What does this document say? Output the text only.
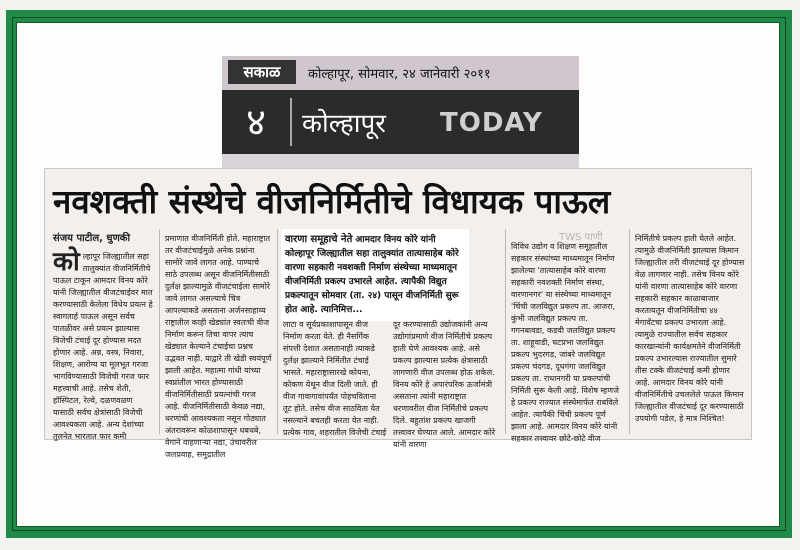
सकाळ	कोल्हापूर, सोमवार, २४ जानेवारी २०११
४	कोल्हापूर TODAY
नवशक्ती संस्थेचे वीजनिर्मितीचे विधायक पाऊल
संजय पाटील, धुणकी
को ल्हापूर जिल्ह्यातील सहा तालुक्यांत वीजनिर्मितीचे पाऊल टाकून आमदार विनय कोरे यांनी जिल्ह्यातील वीजटंचाईवर मात करण्यासाठी केलेला विधेय प्रयत्न हे स्वागतार्ह पाऊल असून सर्वच पातळीवर असे प्रयत्न झाल्यास विजेची टंचाई दूर होण्यास मदत होणार आहे. अन्न, वस्त्र, निवारा, शिक्षण, आरोग्य या मूलभूत गरजा भागविण्यासाठी विजेची गरज फार महत्त्वाची आहे. तसेच शेती, हॉस्पिटल, रेल्वे, दळणवळण यासाठी सर्वच क्षेत्रांसाठी विजेची आवश्यकता आहे. अन्य देशांच्या तुलनेत भारतात फार कमी
प्रमाणात वीजनिर्मिती होते. महाराष्ट्रात तर वीजटंचाईमुळे अनेक प्रश्नांना सामोरे जावे लागत आहे. पाण्याचे साठे उपलब्ध असून वीजनिर्मितीसाठी दुर्लक्ष झाल्यामुळे वीजटंचाईला सामोरे जावे लागत असल्याचे चित्र आपल्याकडे असताना अर्जनसाहाय्य राष्ट्रातील काही खेड्यांत स्वतःची वीज निर्माण करून तिचा वापर त्याच खेड्यात केल्याने टंचाईचा प्रश्नच उद्भवत नाही. याद्वारे ती खेडी स्वयंपूर्ण झाली आहेत. महात्मा गांधी यांच्या स्वप्नांतील भारत होण्यासाठी वीजनिर्मितीसाठी प्रयत्नांची गरज आहे. वीजनिर्मितीसाठी केवळ नद्या, धरणांची आवश्यकता नसून गोठ्यात अंतरावरून कोळशापासून धबधबे, वेगाने वाहणाऱ्या नद्या, उंचावरील जलप्रवाह, समुद्रातील
वारणा समूहाचे नेते आमदार विनय कोरे यांनी कोल्हापूर जिल्ह्यातील सहा तालुक्यांत तात्यासाहेब कोरे वारणा सहकारी नवशक्ती निर्माण संस्थेच्या माध्यमातून वीजनिर्मिती प्रकल्प उभारले आहेत. त्यापैकी विद्युत प्रकल्पातून सोमवार (ता. २४) पासून वीजनिर्मिती सुरू होत आहे. त्यानिमित्त...
लाटा व सूर्यप्रकाशापासून वीज निर्माण करता येते. ही नैसर्गिक संपत्ती देशात असतानाही त्याकडे दुर्लक्ष झाल्याने निर्मितीत टंचाई भासते. महाराष्ट्रासारखे कोयना, कोकण येथून वीज दिली जाते. ही वीज गावागावांपर्यंत पोहचविताना तूट होते. तसेच वीज साठविता येत नसल्याने बचतही करता येत नाही. प्रत्येक गाव, शहरातील विजेची टंचाई
दूर करण्यासाठी उद्योजकांनी अन्य उद्योगांप्रमाणे वीज निर्मितीचे प्रकल्प हाती घेणे आवश्यक आहे. असे प्रकल्प झाल्यास प्रत्येक क्षेत्रासाठी लागणारी वीज उपलब्ध होऊ शकेल. विनय कोरे हे अपारंपरिक ऊर्जामंत्री असताना त्यांनी महाराष्ट्रात धरणावरील वीज निर्मितीचे प्रकल्प दिले. बहुतांश प्रकल्प खाजगी तत्त्वावर घेण्यात आले. आमदार कोरे यांनी वारणा
TWS पाणी
विविध उद्योग व शिक्षण समूहातील सहकार संस्थांच्या माध्यमातून निर्माण झालेल्या 'तात्यासाहेब कोरे वारणा सहकारी नवशक्ती निर्माण संस्था, वारणानगर' या संस्थेच्या माध्यमातून 'चिंची जलविद्युत प्रकल्प ता. आजरा, कुंभी जलविद्युत प्रकल्प ता. गगनबावडा, कडवी जलविद्युत प्रकल्प ता. शाहूवाडी, घटप्रभा जलविद्युत प्रकल्प भुदरगड, जांबरे जलविद्युत प्रकल्प चंदगड, दूधगंगा जलविद्युत प्रकल्प ता. राधानगरी या प्रकल्पांची निर्मिती सुरू केली आहे. विशेष म्हणजे हे प्रकल्प राज्यात संस्थेमार्फत राबविले आहेत. त्यापैकी चिंची प्रकल्प पूर्ण झाला आहे. आमदार विनय कोरे यांनी सहकार तत्त्वावर छोटे-छोटे वीज
निर्मितीचे प्रकल्प हाती घेतले आहेत. त्यामुळे वीजनिर्मिती झाल्यास किमान जिल्ह्यातील तरी वीजटंचाई दूर होण्यास वेळ लागणार नाही. तसेच विनय कोरे यांनी वारणा तात्यासाहेब कोरे वारणा सहकारी सहकार काळाबाजार करतायतून वीजनिर्मितीचा ४४ मेगावॅटचा प्रकल्प उभारला आहे. त्यामुळे राज्यातील सर्वच सहकार कारखान्यांनी कार्यक्षमतेने वीजनिर्मिती प्रकल्प उभारल्यास राज्यातील सुमारे तीस टक्के वीजटंचाई कमी होणार आहे. आमदार विनय कोरे यांनी वीजनिर्मितीचे उचललेले पाऊल किमान जिल्ह्यातील वीजटंचाई दूर करण्यासाठी उपयोगी पडेल, हे मात्र निश्चित!
